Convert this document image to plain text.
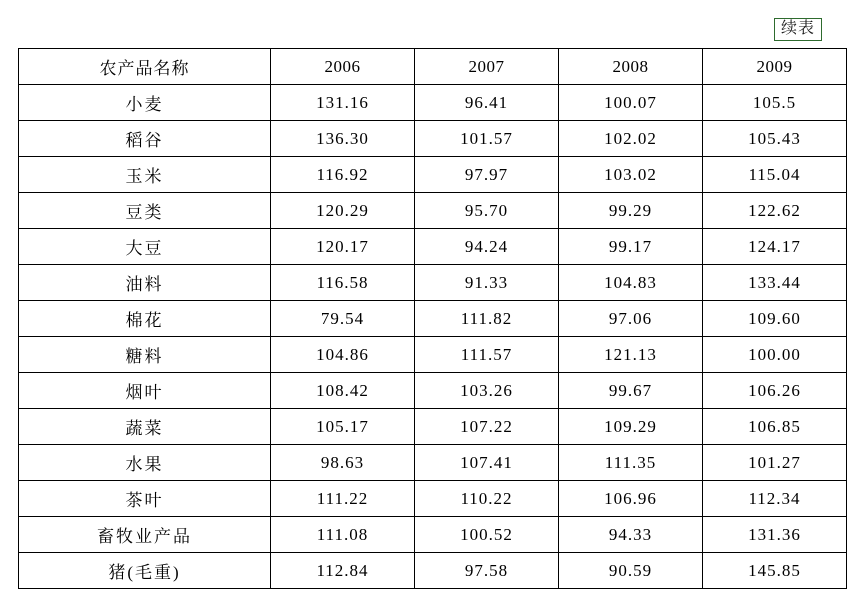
续表
农产品名称	2006	2007	2008	2009
小麦	131.16	96.41	100.07	105.5
稻谷	136.30	101.57	102.02	105.43
玉米	116.92	97.97	103.02	115.04
豆类	120.29	95.70	99.29	122.62
大豆	120.17	94.24	99.17	124.17
油料	116.58	91.33	104.83	133.44
棉花	79.54	111.82	97.06	109.60
糖料	104.86	111.57	121.13	100.00
烟叶	108.42	103.26	99.67	106.26
蔬菜	105.17	107.22	109.29	106.85
水果	98.63	107.41	111.35	101.27
茶叶	111.22	110.22	106.96	112.34
畜牧业产品	111.08	100.52	94.33	131.36
猪(毛重)	112.84	97.58	90.59	145.85
